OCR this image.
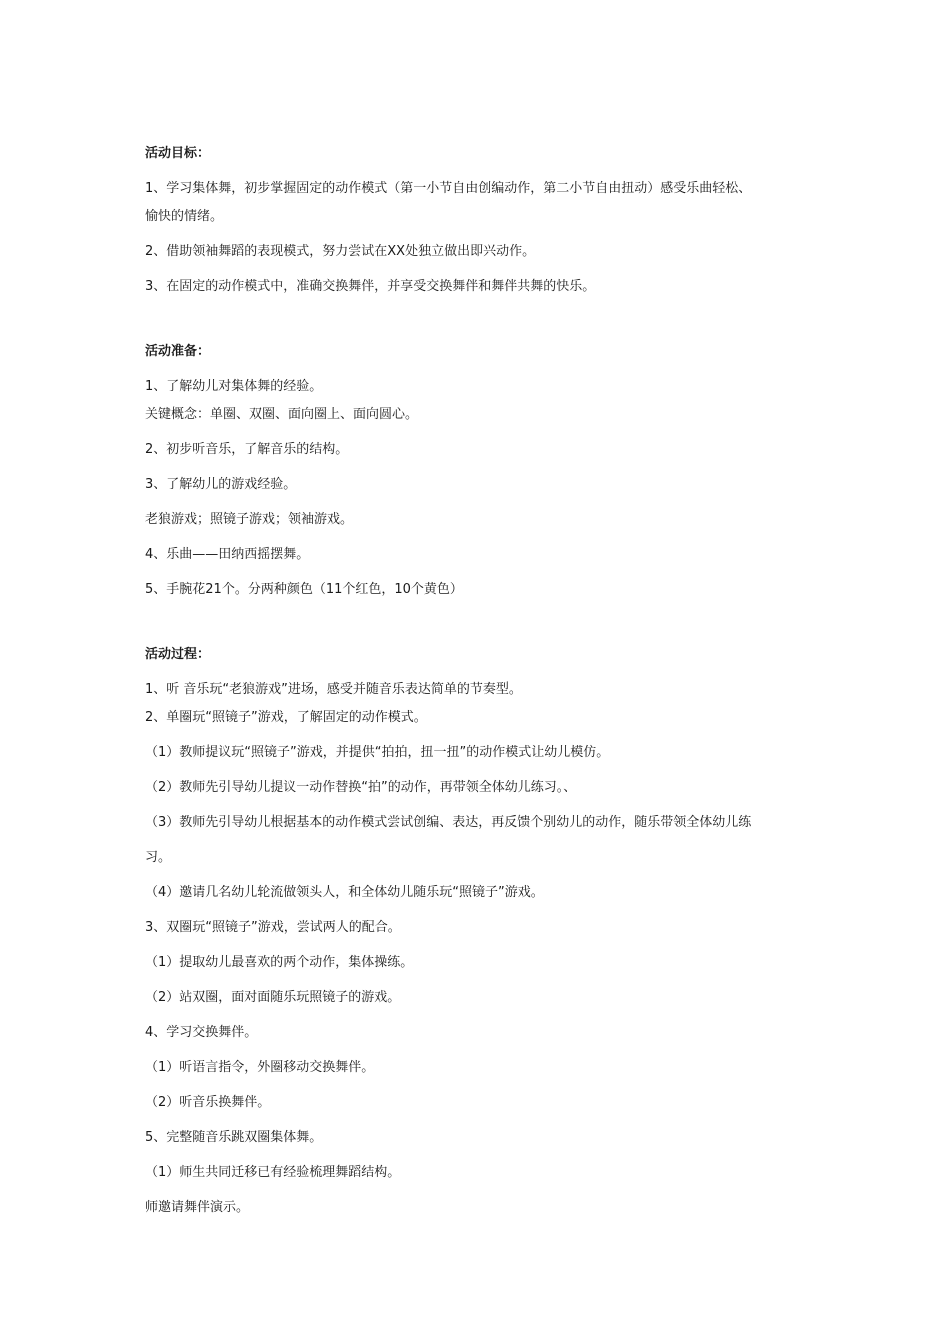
活动目标：

1、学习集体舞，初步掌握固定的动作模式（第一小节自由创编动作，第二小节自由扭动）感受乐曲轻松、

愉快的情绪。

2、借助领袖舞蹈的表现模式，努力尝试在XX处独立做出即兴动作。

3、在固定的动作模式中，准确交换舞伴，并享受交换舞伴和舞伴共舞的快乐。

活动准备：

1、了解幼儿对集体舞的经验。

关键概念：单圈、双圈、面向圈上、面向圆心。

2、初步听音乐，了解音乐的结构。

3、了解幼儿的游戏经验。

老狼游戏；照镜子游戏；领袖游戏。

4、乐曲——田纳西摇摆舞。

5、手腕花21个。分两种颜色（11个红色，10个黄色）

活动过程：

1、听 音乐玩“老狼游戏”进场，感受并随音乐表达简单的节奏型。

2、单圈玩“照镜子”游戏，了解固定的动作模式。

（1）教师提议玩“照镜子”游戏，并提供“拍拍，扭一扭”的动作模式让幼儿模仿。

（2）教师先引导幼儿提议一动作替换“拍”的动作，再带领全体幼儿练习。、

（3）教师先引导幼儿根据基本的动作模式尝试创编、表达，再反馈个别幼儿的动作，随乐带领全体幼儿练

习。

（4）邀请几名幼儿轮流做领头人，和全体幼儿随乐玩“照镜子”游戏。

3、双圈玩“照镜子”游戏，尝试两人的配合。

（1）提取幼儿最喜欢的两个动作，集体操练。

（2）站双圈，面对面随乐玩照镜子的游戏。

4、学习交换舞伴。

（1）听语言指令，外圈移动交换舞伴。

（2）听音乐换舞伴。

5、完整随音乐跳双圈集体舞。

（1）师生共同迁移已有经验梳理舞蹈结构。

师邀请舞伴演示。
